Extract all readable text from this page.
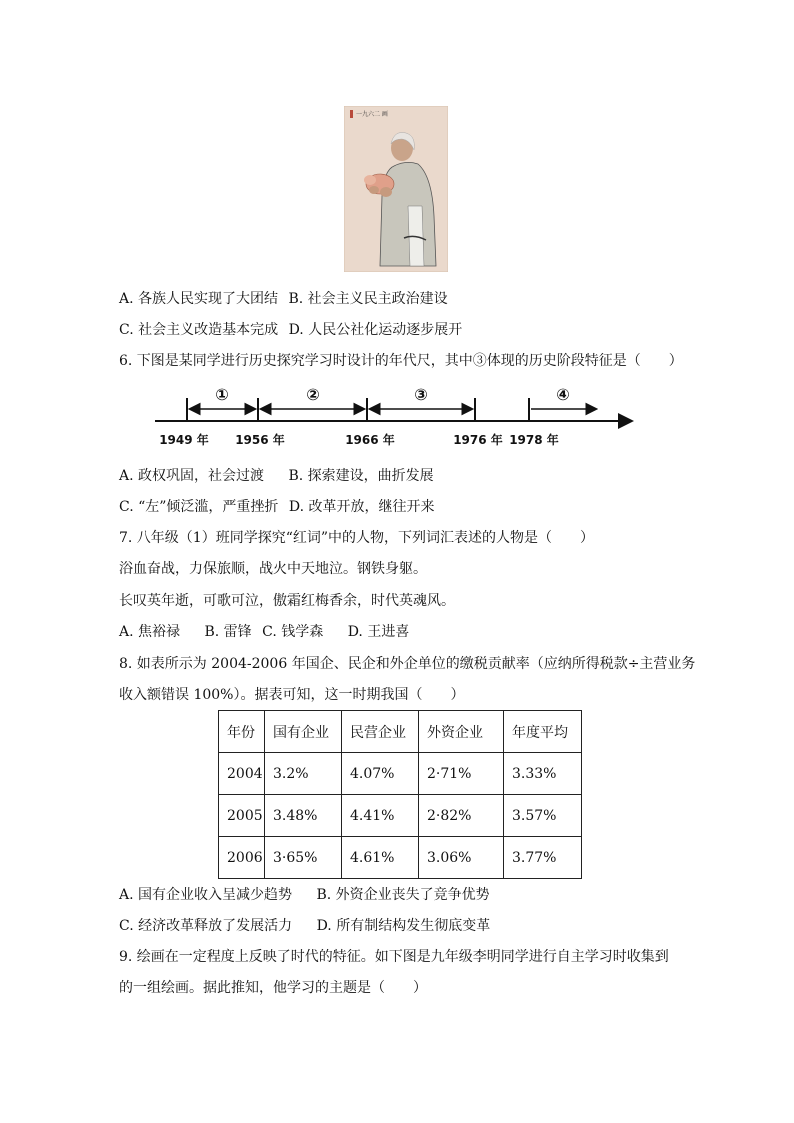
一九六二 画
A. 各族人民实现了大团结 B. 社会主义民主政治建设
C. 社会主义改造基本完成 D. 人民公社化运动逐步展开
6. 下图是某同学进行历史探究学习时设计的年代尺，其中③体现的历史阶段特征是（　　）
①	②	③	④
1949 年 1956 年	1966 年	1976 年 1978 年
A. 政权巩固，社会过渡 B. 探索建设，曲折发展
C. “左”倾泛滥，严重挫折 D. 改革开放，继往开来
7. 八年级（1）班同学探究“红词”中的人物，下列词汇表述的人物是（　　）
浴血奋战，力保旅顺，战火中天地泣。钢铁身躯。
长叹英年逝，可歌可泣，傲霜红梅香余，时代英魂风。
A. 焦裕禄 B. 雷锋 C. 钱学森 D. 王进喜
8. 如表所示为 2004-2006 年国企、民企和外企单位的缴税贡献率（应纳所得税款÷主营业务
收入额错误 100%）。据表可知，这一时期我国（　　）
年份	国有企业	民营企业	外资企业	年度平均
2004	3.2%	4.07%	2·71%	3.33%
2005	3.48%	4.41%	2·82%	3.57%
2006	3·65%	4.61%	3.06%	3.77%
A. 国有企业收入呈减少趋势 B. 外资企业丧失了竞争优势
C. 经济改革释放了发展活力 D. 所有制结构发生彻底变革
9. 绘画在一定程度上反映了时代的特征。如下图是九年级李明同学进行自主学习时收集到
的一组绘画。据此推知，他学习的主题是（　　）
